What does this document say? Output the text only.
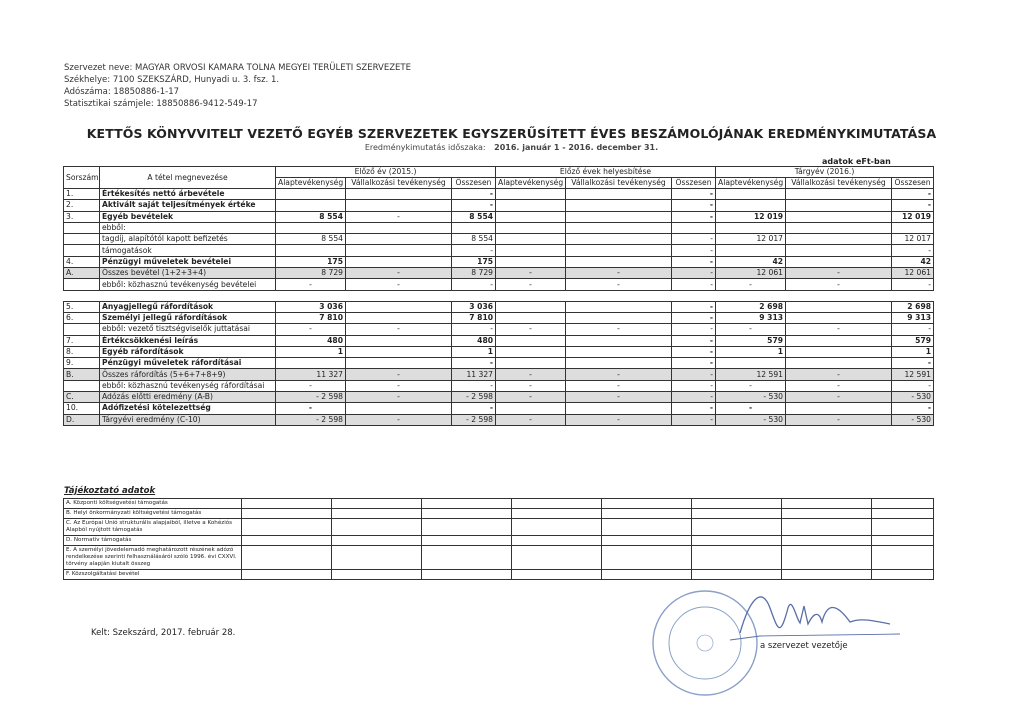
Szervezet neve: MAGYAR ORVOSI KAMARA TOLNA MEGYEI TERÜLETI SZERVEZETE
Székhelye: 7100 SZEKSZÁRD, Hunyadi u. 3. fsz. 1.
Adószáma: 18850886-1-17
Statisztikai számjele: 18850886-9412-549-17
KETTŐS KÖNYVVITELT VEZETŐ EGYÉB SZERVEZETEK EGYSZERŰSÍTETT ÉVES BESZÁMOLÓJÁNAK EREDMÉNYKIMUTATÁSA
Eredménykimutatás időszaka: 2016. január 1 - 2016. december 31.
adatok eFt-ban
Sorszám	A tétel megnevezése	Előző év (2015.)			Előző évek helyesbítése			Tárgyév (2016.)		
		Alaptevékenység	Vállalkozási tevékenység	Összesen	Alaptevékenység	Vállalkozási tevékenység	Összesen	Alaptevékenység	Vállalkozási tevékenység	Összesen
1.	Értékesítés nettó árbevétele			-			-			-
2.	Aktivált saját teljesítmények értéke			-			-			-
3.	Egyéb bevételek	8 554	-	8 554			-	12 019		12 019
	ebből:									
	tagdíj, alapítótól kapott befizetés	8 554		8 554			-	12 017		12 017
	támogatások			-			-			-
4.	Pénzügyi műveletek bevételei	175		175			-	42		42
A.	Összes bevétel (1+2+3+4)	8 729	-	8 729	-	-	-	12 061	-	12 061
	ebből: közhasznú tevékenység bevételei	-	-	-	-	-	-	-	-	-

5.	Anyagjellegű ráfordítások	3 036		3 036			-	2 698		2 698
6.	Személyi jellegű ráfordítások	7 810		7 810			-	9 313		9 313
	ebből: vezető tisztségviselők juttatásai	-	-	-	-	-	-	-	-	-
7.	Értékcsökkenési leírás	480		480			-	579		579
8.	Egyéb ráfordítások	1		1			-	1		1
9.	Pénzügyi műveletek ráfordításai			-			-			-
B.	Összes ráfordítás (5+6+7+8+9)	11 327	-	11 327	-	-	-	12 591	-	12 591
	ebből: közhasznú tevékenység ráfordításai	-	-	-	-	-	-	-	-	-
C.	Adózás előtti eredmény (A-B)	- 2 598	-	- 2 598	-	-	-	- 530	-	- 530
10.	Adófizetési kötelezettség	-		-			-	-		-
D.	Tárgyévi eredmény (C-10)	- 2 598	-	- 2 598	-	-	-	- 530	-	- 530
Tájékoztató adatok
A. Központi költségvetési támogatás								
B. Helyi önkormányzati költségvetési támogatás								
C. Az Európai Unió strukturális alapjaiból, illetve a Kohéziós Alapból nyújtott támogatás								
D. Normatív támogatás								
E. A személyi jövedelemadó meghatározott részének adózó rendelkezése szerinti felhasználásáról szóló 1996. évi CXXVI. törvény alapján kiutalt összeg								
F. Közszolgáltatási bevétel								
Kelt: Szekszárd, 2017. február 28.
a szervezet vezetője
